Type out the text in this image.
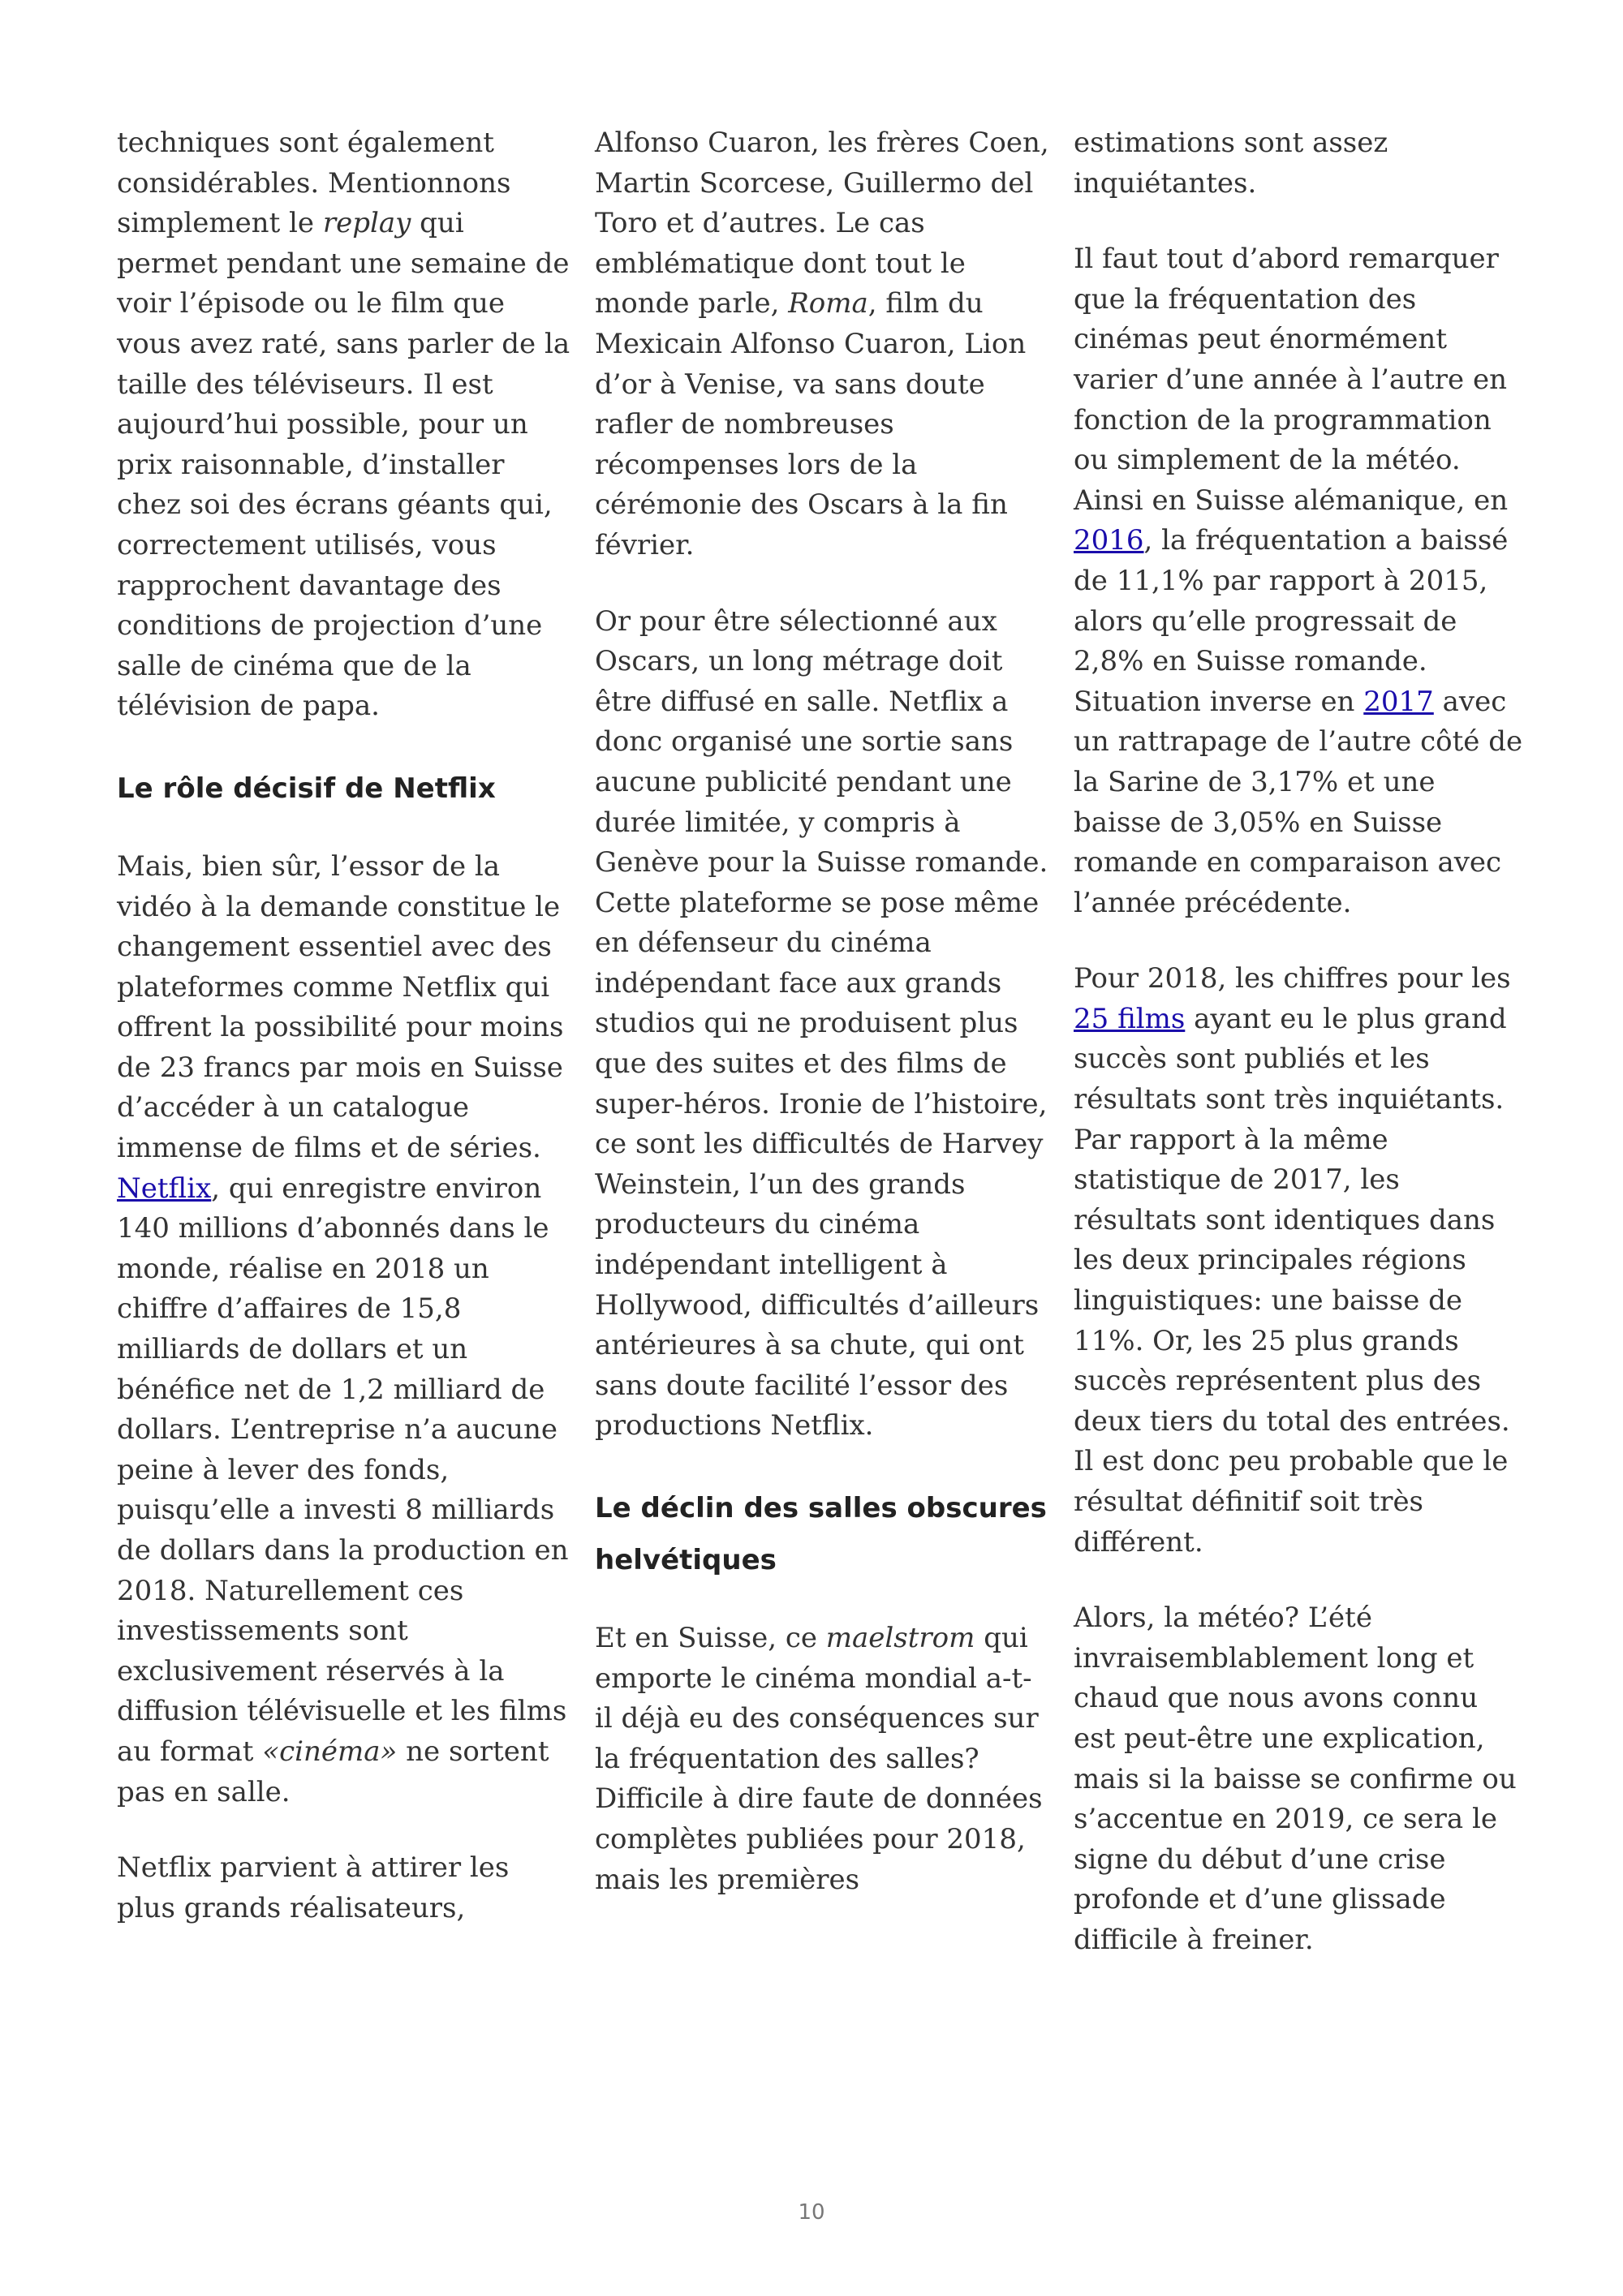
techniques sont également considérables. Mentionnons simplement le replay qui permet pendant une semaine de voir l’épisode ou le film que vous avez raté, sans parler de la taille des téléviseurs. Il est aujourd’hui possible, pour un prix raisonnable, d’installer chez soi des écrans géants qui, correctement utilisés, vous rapprochent davantage des conditions de projection d’une salle de cinéma que de la télévision de papa.

Le rôle décisif de Netflix

Mais, bien sûr, l’essor de la vidéo à la demande constitue le changement essentiel avec des plateformes comme Netflix qui offrent la possibilité pour moins de 23 francs par mois en Suisse d’accéder à un catalogue immense de films et de séries. Netflix, qui enregistre environ 140 millions d’abonnés dans le monde, réalise en 2018 un chiffre d’affaires de 15,8 milliards de dollars et un bénéfice net de 1,2 milliard de dollars. L’entreprise n’a aucune peine à lever des fonds, puisqu’elle a investi 8 milliards de dollars dans la production en 2018. Naturellement ces investissements sont exclusivement réservés à la diffusion télévisuelle et les films au format «cinéma» ne sortent pas en salle.

Netflix parvient à attirer les plus grands réalisateurs,

Alfonso Cuaron, les frères Coen, Martin Scorcese, Guillermo del Toro et d’autres. Le cas emblématique dont tout le monde parle, Roma, film du Mexicain Alfonso Cuaron, Lion d’or à Venise, va sans doute rafler de nombreuses récompenses lors de la cérémonie des Oscars à la fin février.

Or pour être sélectionné aux Oscars, un long métrage doit être diffusé en salle. Netflix a donc organisé une sortie sans aucune publicité pendant une durée limitée, y compris à Genève pour la Suisse romande. Cette plateforme se pose même en défenseur du cinéma indépendant face aux grands studios qui ne produisent plus que des suites et des films de super-héros. Ironie de l’histoire, ce sont les difficultés de Harvey Weinstein, l’un des grands producteurs du cinéma indépendant intelligent à Hollywood, difficultés d’ailleurs antérieures à sa chute, qui ont sans doute facilité l’essor des productions Netflix.

Le déclin des salles obscures helvétiques

Et en Suisse, ce maelstrom qui emporte le cinéma mondial a-t-il déjà eu des conséquences sur la fréquentation des salles? Difficile à dire faute de données complètes publiées pour 2018, mais les premières

estimations sont assez inquiétantes.

Il faut tout d’abord remarquer que la fréquentation des cinémas peut énormément varier d’une année à l’autre en fonction de la programmation ou simplement de la météo. Ainsi en Suisse alémanique, en 2016, la fréquentation a baissé de 11,1% par rapport à 2015, alors qu’elle progressait de 2,8% en Suisse romande. Situation inverse en 2017 avec un rattrapage de l’autre côté de la Sarine de 3,17% et une baisse de 3,05% en Suisse romande en comparaison avec l’année précédente.

Pour 2018, les chiffres pour les 25 films ayant eu le plus grand succès sont publiés et les résultats sont très inquiétants. Par rapport à la même statistique de 2017, les résultats sont identiques dans les deux principales régions linguistiques: une baisse de 11%. Or, les 25 plus grands succès représentent plus des deux tiers du total des entrées. Il est donc peu probable que le résultat définitif soit très différent.

Alors, la météo? L’été invraisemblablement long et chaud que nous avons connu est peut-être une explication, mais si la baisse se confirme ou s’accentue en 2019, ce sera le signe du début d’une crise profonde et d’une glissade difficile à freiner.

10
